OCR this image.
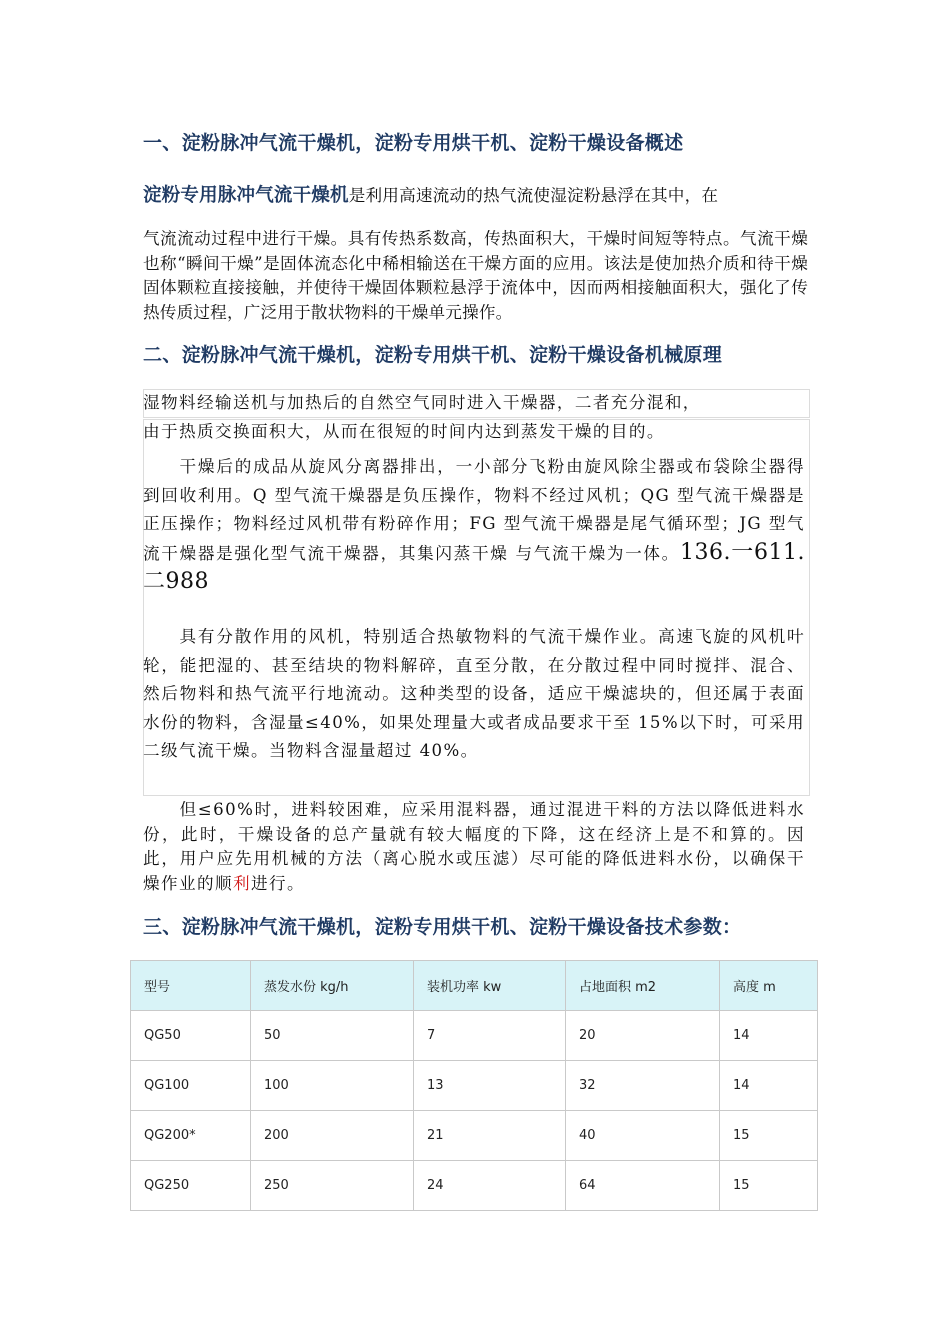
一、淀粉脉冲气流干燥机，淀粉专用烘干机、淀粉干燥设备概述
淀粉专用脉冲气流干燥机是利用高速流动的热气流使湿淀粉悬浮在其中，在
气流流动过程中进行干燥。具有传热系数高，传热面积大，干燥时间短等特点。气流干燥也称“瞬间干燥”是固体流态化中稀相输送在干燥方面的应用。该法是使加热介质和待干燥固体颗粒直接接触，并使待干燥固体颗粒悬浮于流体中，因而两相接触面积大，强化了传热传质过程，广泛用于散状物料的干燥单元操作。
二、淀粉脉冲气流干燥机，淀粉专用烘干机、淀粉干燥设备机械原理
湿物料经输送机与加热后的自然空气同时进入干燥器，二者充分混和，
由于热质交换面积大，从而在很短的时间内达到蒸发干燥的目的。
干燥后的成品从旋风分离器排出，一小部分飞粉由旋风除尘器或布袋除尘器得到回收利用。Q 型气流干燥器是负压操作，物料不经过风机；QG 型气流干燥器是正压操作；物料经过风机带有粉碎作用；FG 型气流干燥器是尾气循环型；JG 型气流干燥器是强化型气流干燥器，其集闪蒸干燥 与气流干燥为一体。136.一611.二988
具有分散作用的风机，特别适合热敏物料的气流干燥作业。高速飞旋的风机叶轮，能把湿的、甚至结块的物料解碎，直至分散，在分散过程中同时搅拌、混合、然后物料和热气流平行地流动。这种类型的设备，适应干燥滤块的，但还属于表面水份的物料，含湿量≤40%，如果处理量大或者成品要求干至 15%以下时，可采用二级气流干燥。当物料含湿量超过 40%。
但≤60%时，进料较困难，应采用混料器，通过混进干料的方法以降低进料水份，此时，干燥设备的总产量就有较大幅度的下降，这在经济上是不和算的。因此，用户应先用机械的方法（离心脱水或压滤）尽可能的降低进料水份，以确保干燥作业的顺利进行。
三、淀粉脉冲气流干燥机，淀粉专用烘干机、淀粉干燥设备技术参数：
型号	蒸发水份 kg/h	装机功率 kw	占地面积 m2	高度 m
QG50	50	7	20	14
QG100	100	13	32	14
QG200*	200	21	40	15
QG250	250	24	64	15
